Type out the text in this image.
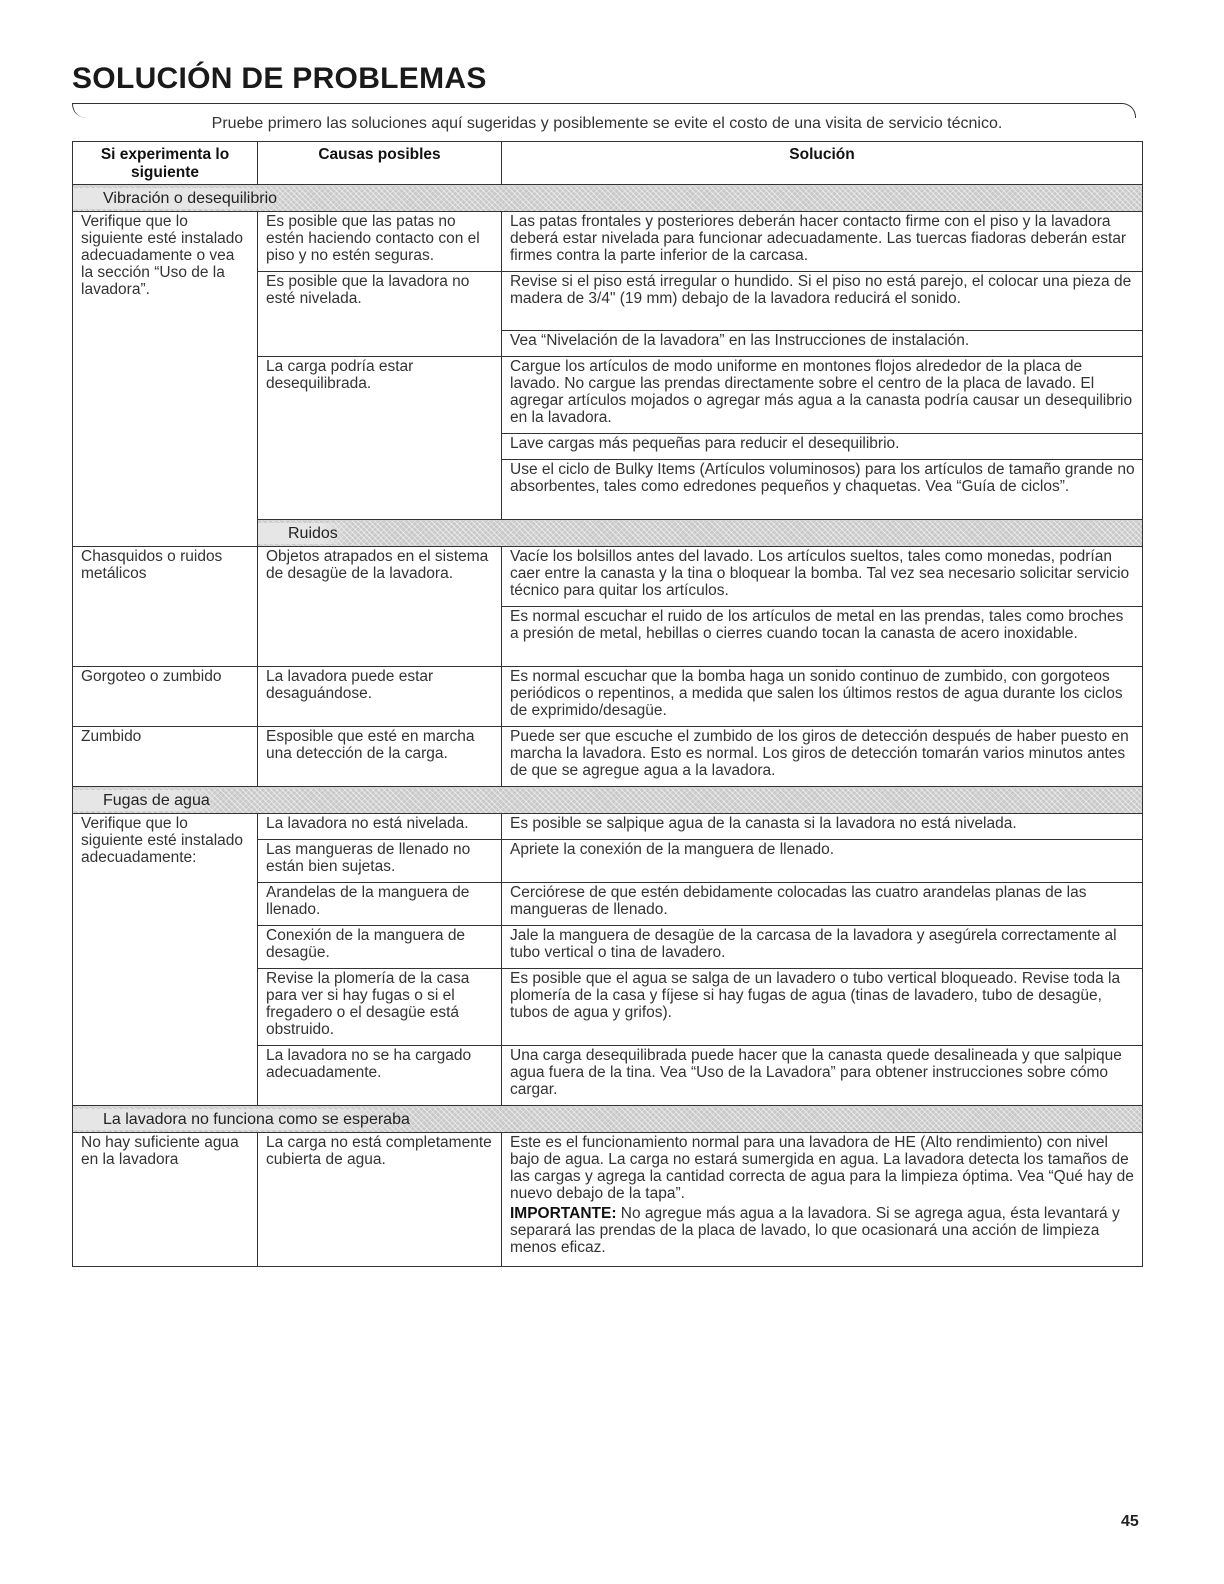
SOLUCIÓN DE PROBLEMAS
Pruebe primero las soluciones aquí sugeridas y posiblemente se evite el costo de una visita de servicio técnico.
Si experimenta lo siguiente	Causas posibles	Solución
Vibración o desequilibrio		
Verifique que lo siguiente esté instalado adecuadamente o vea la sección “Uso de la lavadora”.	Es posible que las patas no estén haciendo contacto con el piso y no estén seguras.	Las patas frontales y posteriores deberán hacer contacto firme con el piso y la lavadora deberá estar nivelada para funcionar adecuadamente. Las tuercas fiadoras deberán estar firmes contra la parte inferior de la carcasa.
	Es posible que la lavadora no esté nivelada.	Revise si el piso está irregular o hundido. Si el piso no está parejo, el colocar una pieza de madera de 3/4" (19 mm) debajo de la lavadora reducirá el sonido.
		Vea “Nivelación de la lavadora” en las Instrucciones de instalación.
	La carga podría estar desequilibrada.	Cargue los artículos de modo uniforme en montones flojos alrededor de la placa de lavado. No cargue las prendas directamente sobre el centro de la placa de lavado. El agregar artículos mojados o agregar más agua a la canasta podría causar un desequilibrio en la lavadora.
		Lave cargas más pequeñas para reducir el desequilibrio.
		Use el ciclo de Bulky Items (Artículos voluminosos) para los artículos de tamaño grande no absorbentes, tales como edredones pequeños y chaquetas. Vea “Guía de ciclos”.
	Ruidos	
Chasquidos o ruidos metálicos	Objetos atrapados en el sistema de desagüe de la lavadora.	Vacíe los bolsillos antes del lavado. Los artículos sueltos, tales como monedas, podrían caer entre la canasta y la tina o bloquear la bomba. Tal vez sea necesario solicitar servicio técnico para quitar los artículos.
		Es normal escuchar el ruido de los artículos de metal en las prendas, tales como broches a presión de metal, hebillas o cierres cuando tocan la canasta de acero inoxidable.
Gorgoteo o zumbido	La lavadora puede estar desaguándose.	Es normal escuchar que la bomba haga un sonido continuo de zumbido, con gorgoteos periódicos o repentinos, a medida que salen los últimos restos de agua durante los ciclos de exprimido/desagüe.
Zumbido	Esposible que esté en marcha una detección de la carga.	Puede ser que escuche el zumbido de los giros de detección después de haber puesto en marcha la lavadora. Esto es normal. Los giros de detección tomarán varios minutos antes de que se agregue agua a la lavadora.
Fugas de agua		
Verifique que lo siguiente esté instalado adecuadamente:	La lavadora no está nivelada.	Es posible se salpique agua de la canasta si la lavadora no está nivelada.
	Las mangueras de llenado no están bien sujetas.	Apriete la conexión de la manguera de llenado.
	Arandelas de la manguera de llenado.	Cerciórese de que estén debidamente colocadas las cuatro arandelas planas de las mangueras de llenado.
	Conexión de la manguera de desagüe.	Jale la manguera de desagüe de la carcasa de la lavadora y asegúrela correctamente al tubo vertical o tina de lavadero.
	Revise la plomería de la casa para ver si hay fugas o si el fregadero o el desagüe está obstruido.	Es posible que el agua se salga de un lavadero o tubo vertical bloqueado. Revise toda la plomería de la casa y fíjese si hay fugas de agua (tinas de lavadero, tubo de desagüe, tubos de agua y grifos).
	La lavadora no se ha cargado adecuadamente.	Una carga desequilibrada puede hacer que la canasta quede desalineada y que salpique agua fuera de la tina. Vea “Uso de la Lavadora” para obtener instrucciones sobre cómo cargar.
La lavadora no funciona como se esperaba		
No hay suficiente agua en la lavadora	La carga no está completamente cubierta de agua.	Este es el funcionamiento normal para una lavadora de HE (Alto rendimiento) con nivel bajo de agua. La carga no estará sumergida en agua. La lavadora detecta los tamaños de las cargas y agrega la cantidad correcta de agua para la limpieza óptima. Vea “Qué hay de nuevo debajo de la tapa”.
IMPORTANTE: No agregue más agua a la lavadora. Si se agrega agua, ésta levantará y separará las prendas de la placa de lavado, lo que ocasionará una acción de limpieza menos eficaz.
45
